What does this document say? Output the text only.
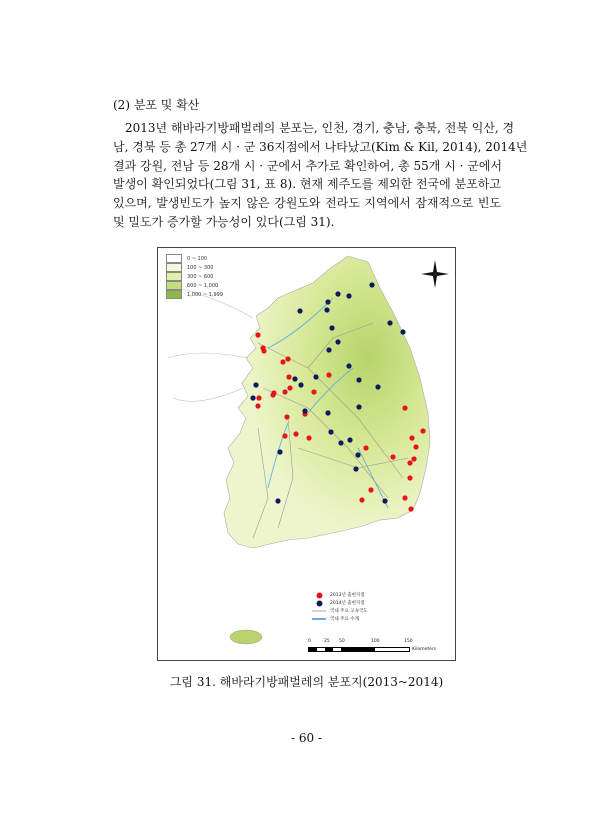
(2) 분포 및 확산
2013년 해바라기방패벌레의 분포는, 인천, 경기, 충남, 충북, 전북 익산, 경
남, 경북 등 총 27개 시 · 군 36지점에서 나타났고(Kim & Kil, 2014), 2014년
결과 강원, 전남 등 28개 시 · 군에서 추가로 확인하여, 총 55개 시 · 군에서
발생이 확인되었다(그림 31, 표 8). 현재 제주도를 제외한 전국에 분포하고
있으며, 발생빈도가 높지 않은 강원도와 전라도 지역에서 잠재적으로 빈도
및 밀도가 증가할 가능성이 있다(그림 31).
0 ~ 100
100 ~ 300
300 ~ 600
600 ~ 1,000
1,000 ~ 1,999
2013년 출현지점
2014년 출현지점
국내 주요 고속국도
국내 주요 수계
0	25 50	100	150
Kilometers
그림 31. 해바라기방패벌레의 분포지(2013~2014)
- 60 -
